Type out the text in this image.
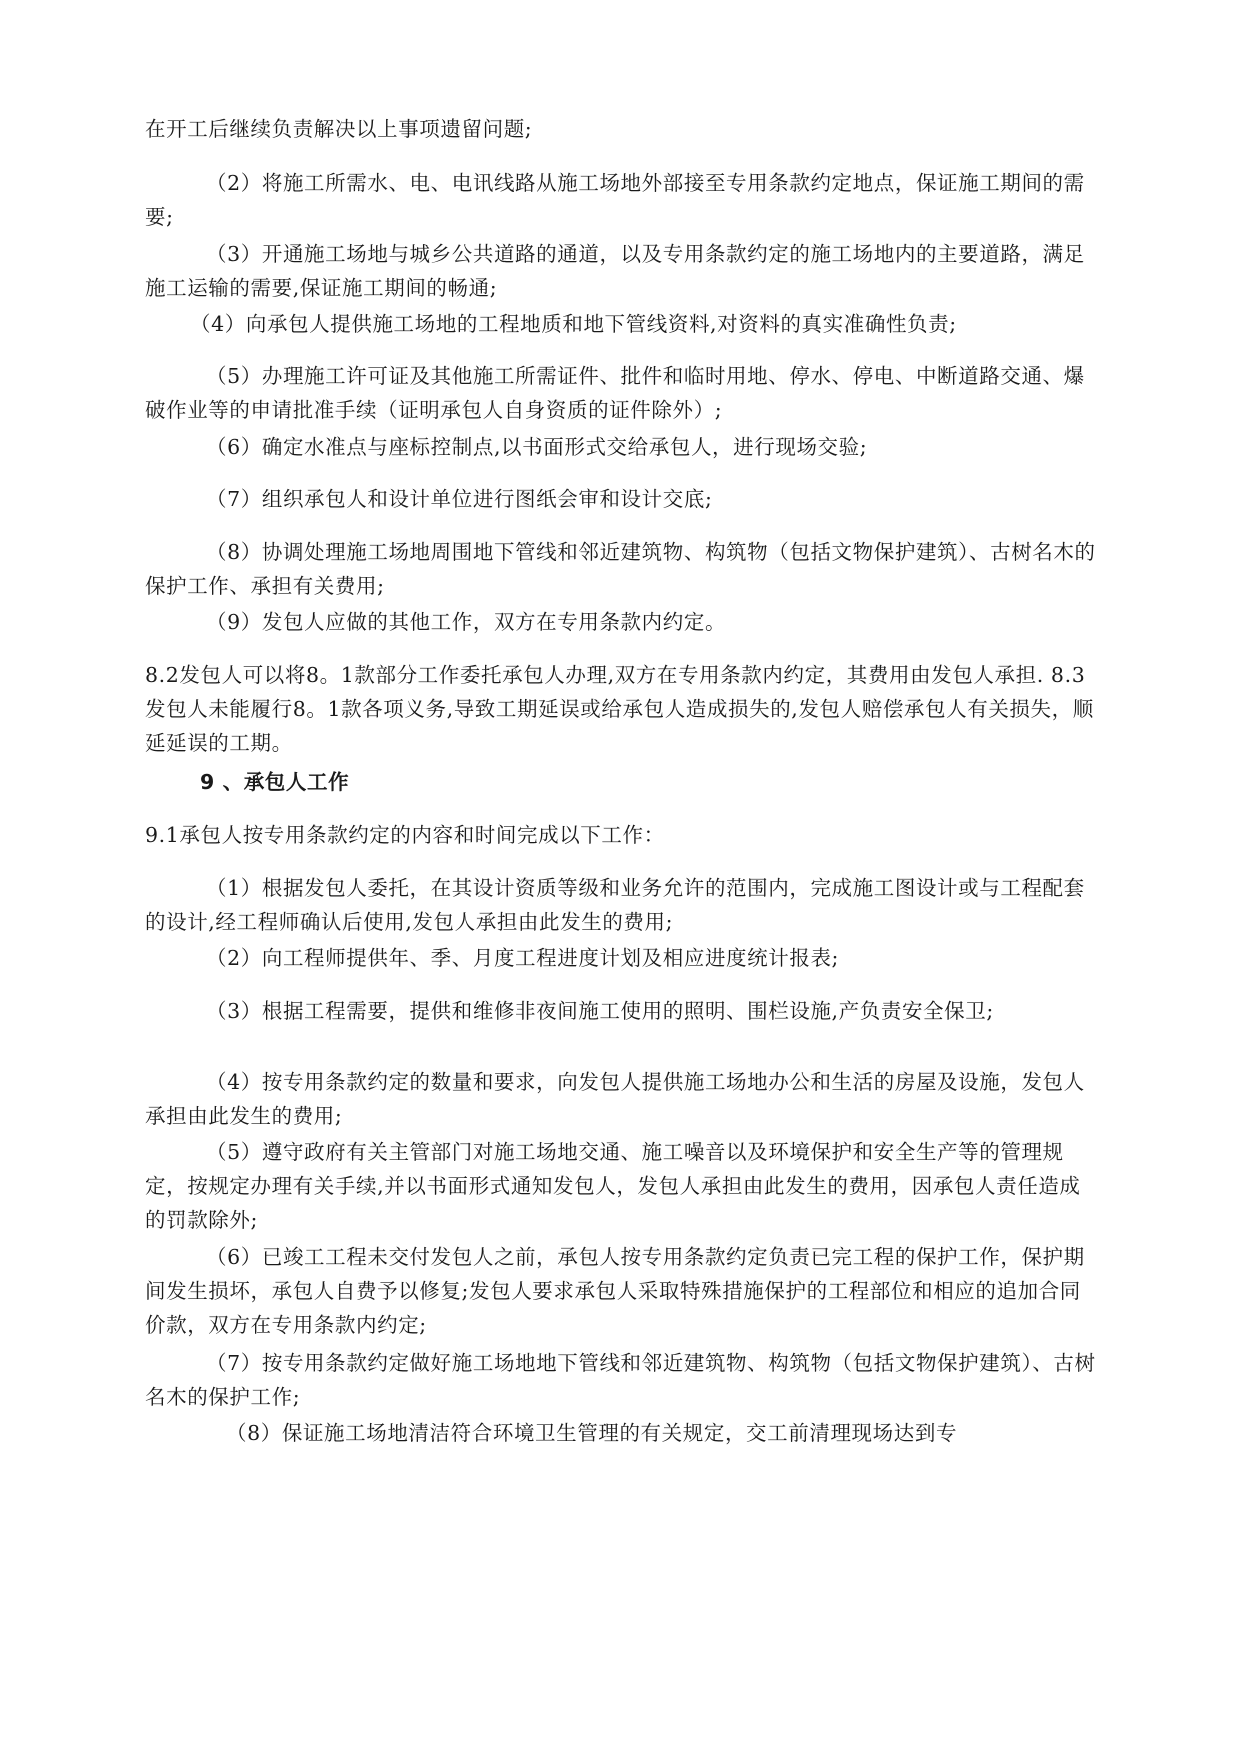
在开工后继续负责解决以上事项遗留问题;

（2）将施工所需水、电、电讯线路从施工场地外部接至专用条款约定地点，保证施工期间的需要;

（3）开通施工场地与城乡公共道路的通道，以及专用条款约定的施工场地内的主要道路，满足施工运输的需要,保证施工期间的畅通;

（4）向承包人提供施工场地的工程地质和地下管线资料,对资料的真实准确性负责;

（5）办理施工许可证及其他施工所需证件、批件和临时用地、停水、停电、中断道路交通、爆破作业等的申请批准手续（证明承包人自身资质的证件除外）;

（6）确定水准点与座标控制点,以书面形式交给承包人，进行现场交验;

（7）组织承包人和设计单位进行图纸会审和设计交底;

（8）协调处理施工场地周围地下管线和邻近建筑物、构筑物（包括文物保护建筑）、古树名木的保护工作、承担有关费用;

（9）发包人应做的其他工作，双方在专用条款内约定。

8.2发包人可以将8。1款部分工作委托承包人办理,双方在专用条款内约定，其费用由发包人承担. 8.3发包人未能履行8。1款各项义务,导致工期延误或给承包人造成损失的,发包人赔偿承包人有关损失，顺延延误的工期。

9 、承包人工作

9.1承包人按专用条款约定的内容和时间完成以下工作：

（1）根据发包人委托，在其设计资质等级和业务允许的范围内，完成施工图设计或与工程配套的设计,经工程师确认后使用,发包人承担由此发生的费用;

（2）向工程师提供年、季、月度工程进度计划及相应进度统计报表;

（3）根据工程需要，提供和维修非夜间施工使用的照明、围栏设施,产负责安全保卫;

（4）按专用条款约定的数量和要求，向发包人提供施工场地办公和生活的房屋及设施，发包人承担由此发生的费用;

（5）遵守政府有关主管部门对施工场地交通、施工噪音以及环境保护和安全生产等的管理规定，按规定办理有关手续,并以书面形式通知发包人，发包人承担由此发生的费用，因承包人责任造成的罚款除外;

（6）已竣工工程未交付发包人之前，承包人按专用条款约定负责已完工程的保护工作，保护期间发生损坏，承包人自费予以修复;发包人要求承包人采取特殊措施保护的工程部位和相应的追加合同价款，双方在专用条款内约定;

（7）按专用条款约定做好施工场地地下管线和邻近建筑物、构筑物（包括文物保护建筑）、古树名木的保护工作;

（8）保证施工场地清洁符合环境卫生管理的有关规定，交工前清理现场达到专
